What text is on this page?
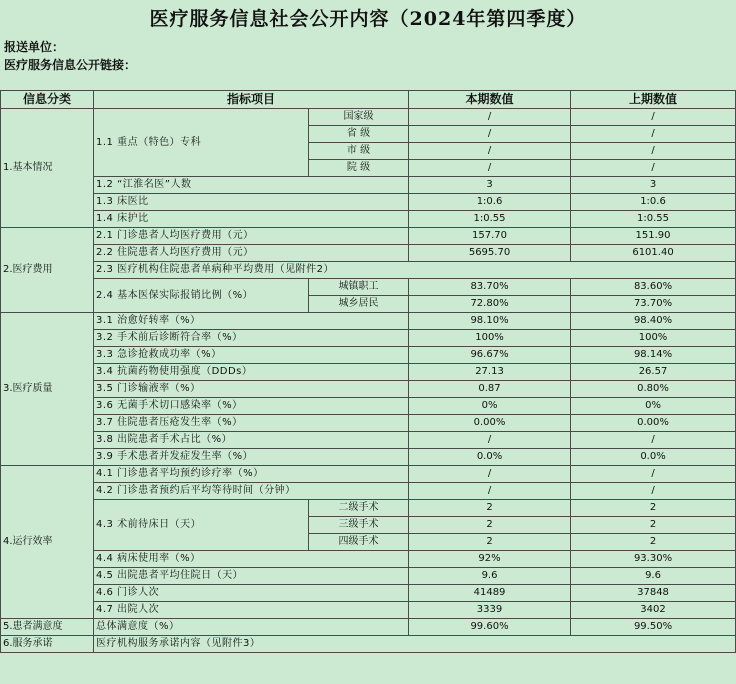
医疗服务信息社会公开内容（2024年第四季度）
报送单位：
医疗服务信息公开链接：
信息分类	指标项目		本期数值	上期数值
1.基本情况	1.1 重点（特色）专科	国家级	/	/
		省 级	/	/
		市 级	/	/
		院 级	/	/
	1.2 “江淮名医”人数		3	3
	1.3 床医比		1:0.6	1:0.6
	1.4 床护比		1:0.55	1:0.55
2.医疗费用	2.1 门诊患者人均医疗费用（元）		157.70	151.90
	2.2 住院患者人均医疗费用（元）		5695.70	6101.40
	2.3 医疗机构住院患者单病种平均费用（见附件2）			
	2.4 基本医保实际报销比例（%）	城镇职工	83.70%	83.60%
		城乡居民	72.80%	73.70%
3.医疗质量	3.1 治愈好转率（%）		98.10%	98.40%
	3.2 手术前后诊断符合率（%）		100%	100%
	3.3 急诊抢救成功率（%）		96.67%	98.14%
	3.4 抗菌药物使用强度（DDDs）		27.13	26.57
	3.5 门诊输液率（%）		0.87	0.80%
	3.6 无菌手术切口感染率（%）		0%	0%
	3.7 住院患者压疮发生率（%）		0.00%	0.00%
	3.8 出院患者手术占比（%）		/	/
	3.9 手术患者并发症发生率（%）		0.0%	0.0%
4.运行效率	4.1 门诊患者平均预约诊疗率（%）		/	/
	4.2 门诊患者预约后平均等待时间（分钟）		/	/
	4.3 术前待床日（天）	二级手术	2	2
		三级手术	2	2
		四级手术	2	2
	4.4 病床使用率（%）		92%	93.30%
	4.5 出院患者平均住院日（天）		9.6	9.6
	4.6 门诊人次		41489	37848
	4.7 出院人次		3339	3402
5.患者满意度	总体满意度（%）		99.60%	99.50%
6.服务承诺	医疗机构服务承诺内容（见附件3）			
